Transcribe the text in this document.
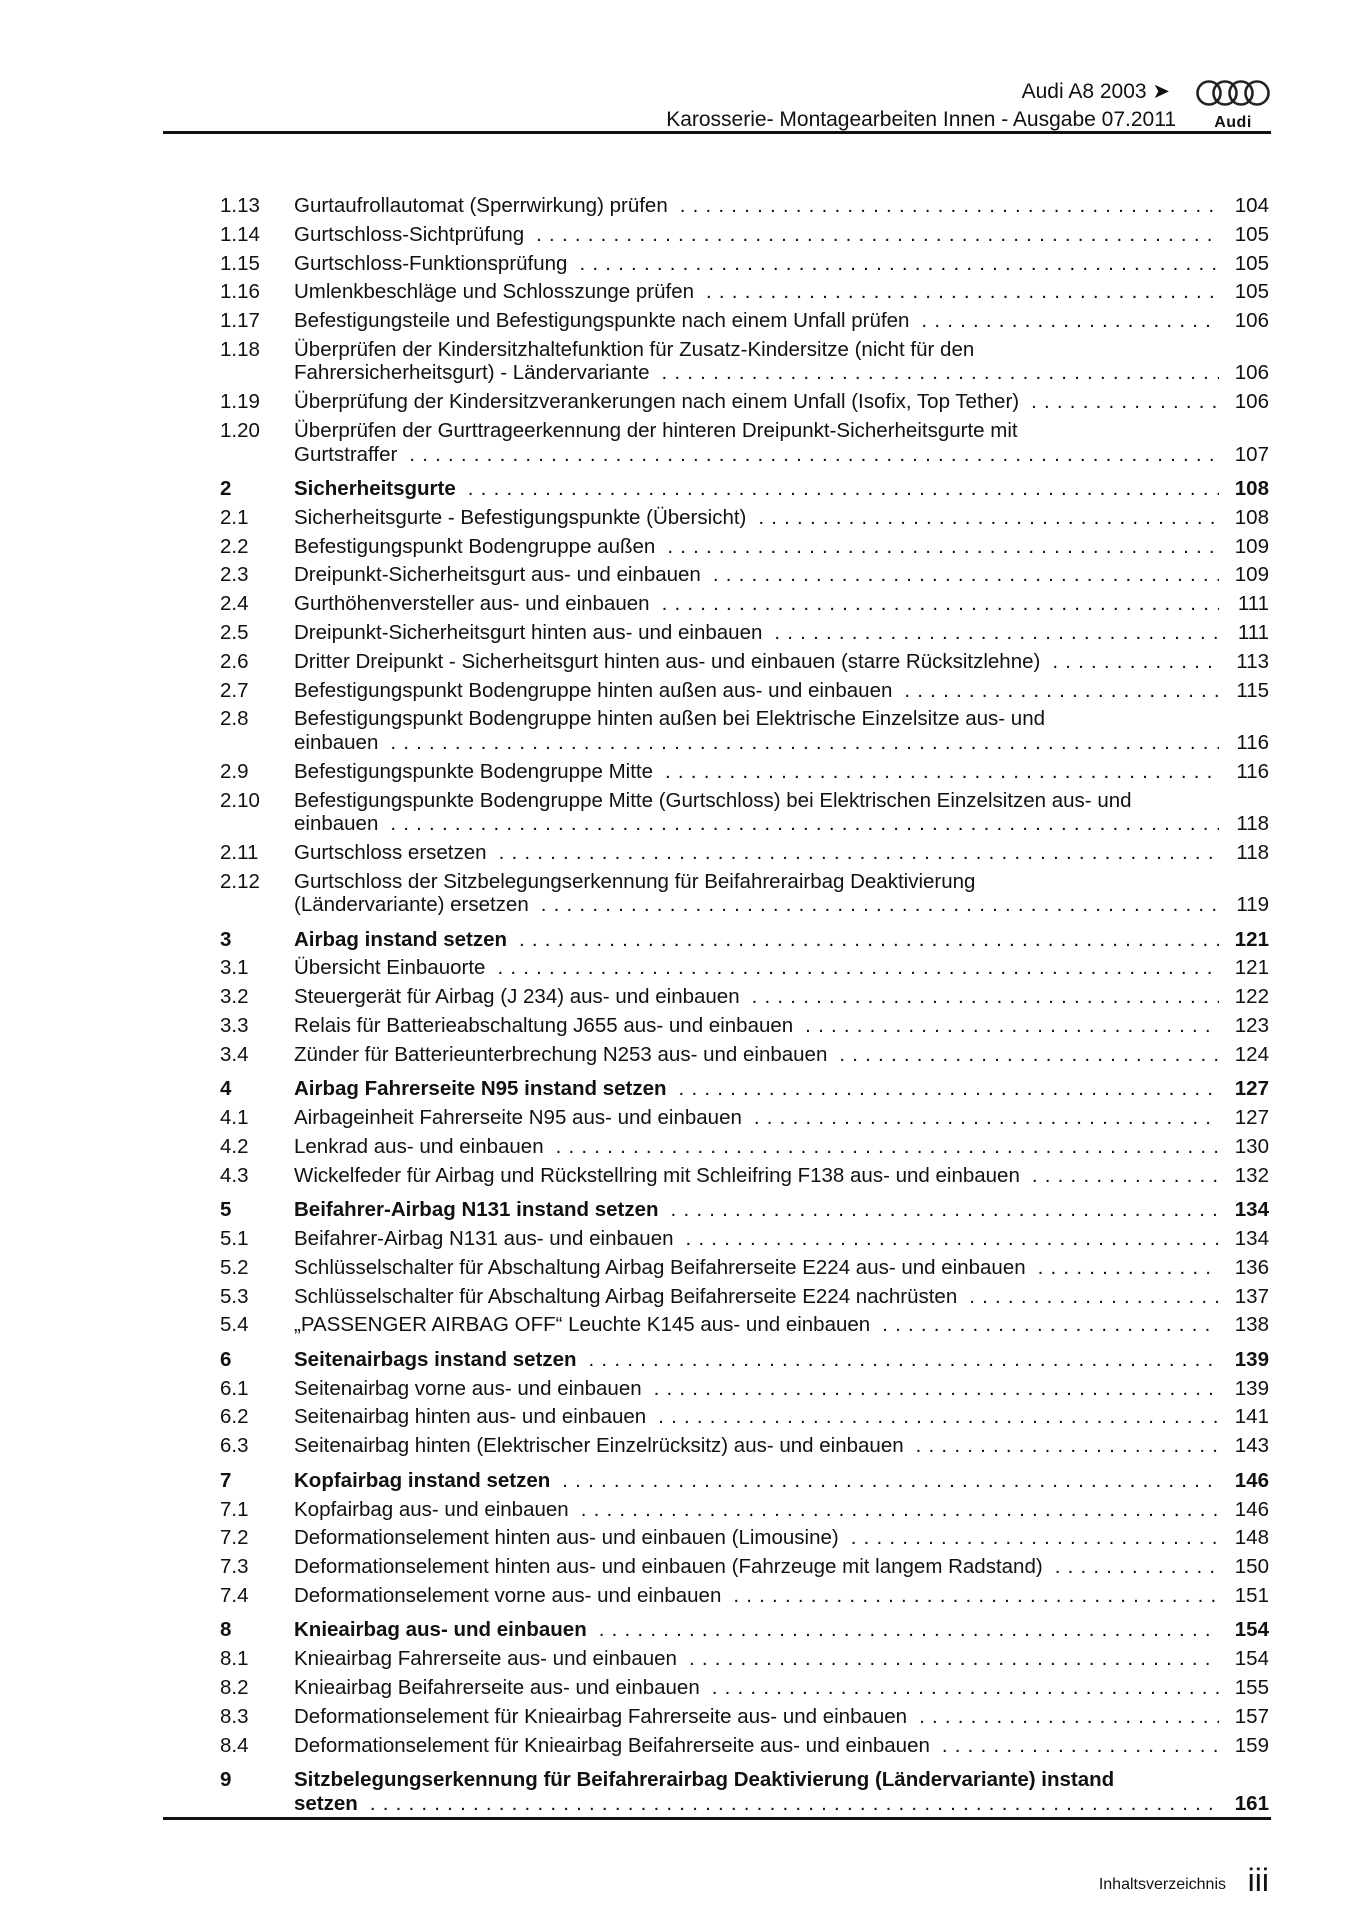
Audi A8 2003 ➤
Karosserie- Montagearbeiten Innen - Ausgabe 07.2011	Audi
1.13 Gurtaufrollautomat (Sperrwirkung) prüfen .....	104
1.14 Gurtschloss-Sichtprüfung .....	105
1.15 Gurtschloss-Funktionsprüfung .....	105
1.16 Umlenkbeschläge und Schlosszunge prüfen .....	105
1.17 Befestigungsteile und Befestigungspunkte nach einem Unfall prüfen .....	106
1.18 Überprüfen der Kindersitzhaltefunktion für Zusatz-Kindersitze (nicht für den
Fahrersicherheitsgurt) - Ländervariante .....	106
1.19 Überprüfung der Kindersitzverankerungen nach einem Unfall (Isofix, Top Tether) .....	106
1.20 Überprüfen der Gurttrageerkennung der hinteren Dreipunkt-Sicherheitsgurte mit
Gurtstraffer .....	107
2	Sicherheitsgurte .....	108
2.1 Sicherheitsgurte - Befestigungspunkte (Übersicht) .....	108
2.2 Befestigungspunkt Bodengruppe außen .....	109
2.3 Dreipunkt-Sicherheitsgurt aus- und einbauen .....	109
2.4 Gurthöhenversteller aus- und einbauen .....	111
2.5 Dreipunkt-Sicherheitsgurt hinten aus- und einbauen .....	111
2.6 Dritter Dreipunkt - Sicherheitsgurt hinten aus- und einbauen (starre Rücksitzlehne) .....	113
2.7 Befestigungspunkt Bodengruppe hinten außen aus- und einbauen .....	115
2.8 Befestigungspunkt Bodengruppe hinten außen bei Elektrische Einzelsitze aus- und
einbauen .....	116
2.9 Befestigungspunkte Bodengruppe Mitte .....	116
2.10 Befestigungspunkte Bodengruppe Mitte (Gurtschloss) bei Elektrischen Einzelsitzen aus- und
einbauen .....	118
2.11 Gurtschloss ersetzen .....	118
2.12 Gurtschloss der Sitzbelegungserkennung für Beifahrerairbag Deaktivierung
(Ländervariante) ersetzen .....	119
3	Airbag instand setzen .....	121
3.1 Übersicht Einbauorte .....	121
3.2 Steuergerät für Airbag (J 234) aus- und einbauen .....	122
3.3 Relais für Batterieabschaltung J655 aus- und einbauen .....	123
3.4 Zünder für Batterieunterbrechung N253 aus- und einbauen .....	124
4	Airbag Fahrerseite N95 instand setzen .....	127
4.1 Airbageinheit Fahrerseite N95 aus- und einbauen .....	127
4.2 Lenkrad aus- und einbauen .....	130
4.3 Wickelfeder für Airbag und Rückstellring mit Schleifring F138 aus- und einbauen .....	132
5	Beifahrer-Airbag N131 instand setzen .....	134
5.1 Beifahrer-Airbag N131 aus- und einbauen .....	134
5.2 Schlüsselschalter für Abschaltung Airbag Beifahrerseite E224 aus- und einbauen .....	136
5.3 Schlüsselschalter für Abschaltung Airbag Beifahrerseite E224 nachrüsten .....	137
5.4 „PASSENGER AIRBAG OFF“ Leuchte K145 aus- und einbauen .....	138
6	Seitenairbags instand setzen .....	139
6.1 Seitenairbag vorne aus- und einbauen .....	139
6.2 Seitenairbag hinten aus- und einbauen .....	141
6.3 Seitenairbag hinten (Elektrischer Einzelrücksitz) aus- und einbauen .....	143
7	Kopfairbag instand setzen .....	146
7.1 Kopfairbag aus- und einbauen .....	146
7.2 Deformationselement hinten aus- und einbauen (Limousine) .....	148
7.3 Deformationselement hinten aus- und einbauen (Fahrzeuge mit langem Radstand) .....	150
7.4 Deformationselement vorne aus- und einbauen .....	151
8	Knieairbag aus- und einbauen .....	154
8.1 Knieairbag Fahrerseite aus- und einbauen .....	154
8.2 Knieairbag Beifahrerseite aus- und einbauen .....	155
8.3 Deformationselement für Knieairbag Fahrerseite aus- und einbauen .....	157
8.4 Deformationselement für Knieairbag Beifahrerseite aus- und einbauen .....	159
9	Sitzbelegungserkennung für Beifahrerairbag Deaktivierung (Ländervariante) instand
setzen .....	161
Inhaltsverzeichnis iii
